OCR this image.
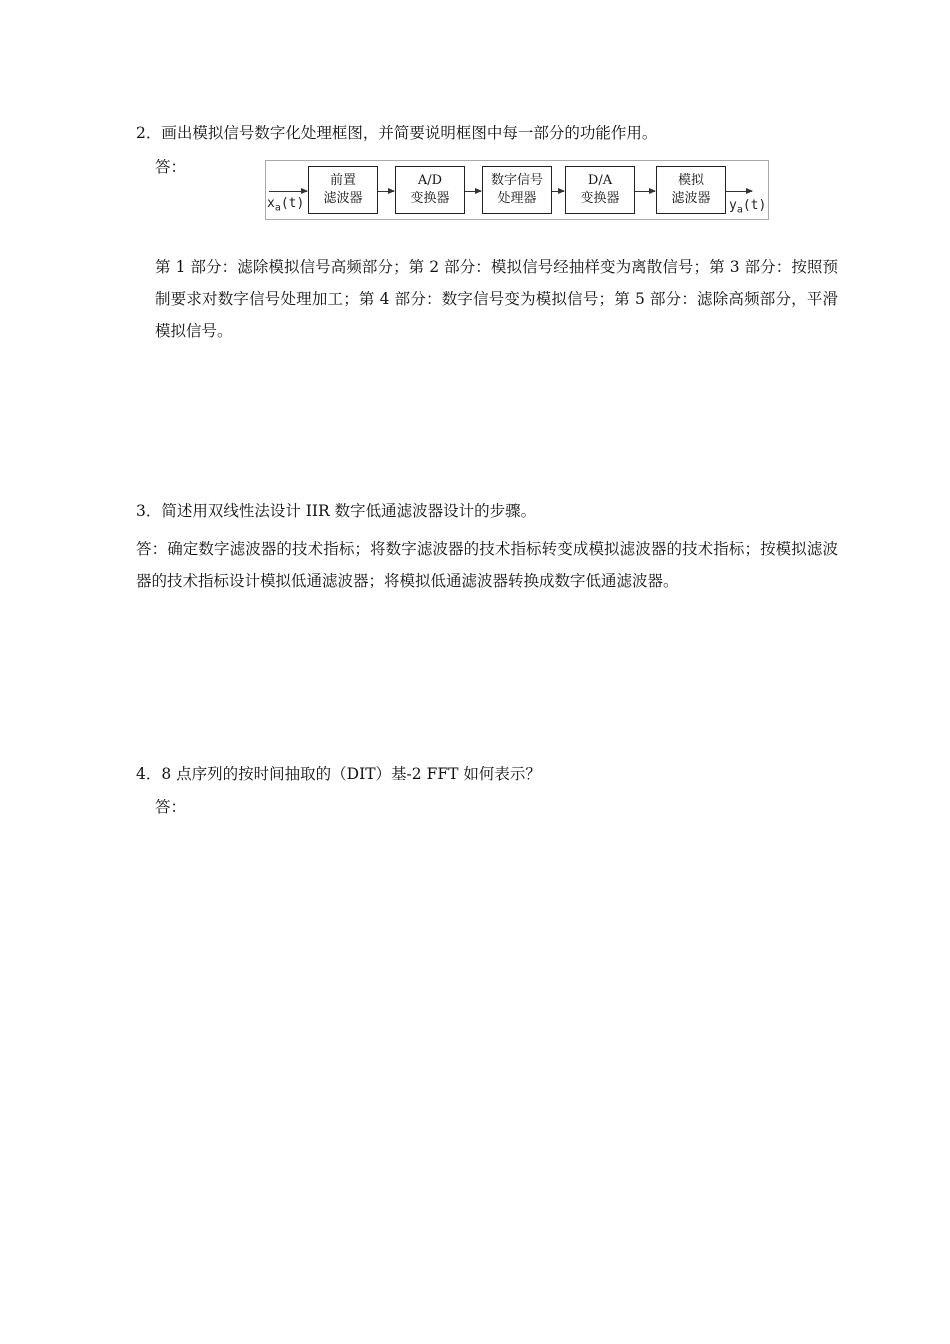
2．画出模拟信号数字化处理框图，并简要说明框图中每一部分的功能作用。
答：
$x_a(t)$
前置
滤波器
A/D
变换器
数字信号
处理器
D/A
变换器
模拟
滤波器 $y_a(t)$
第 1 部分：滤除模拟信号高频部分；第 2 部分：模拟信号经抽样变为离散信号；第 3 部分：按照预制要求对数字信号处理加工；第 4 部分：数字信号变为模拟信号；第 5 部分：滤除高频部分，平滑模拟信号。
3．简述用双线性法设计 IIR 数字低通滤波器设计的步骤。
答：确定数字滤波器的技术指标；将数字滤波器的技术指标转变成模拟滤波器的技术指标；按模拟滤波器的技术指标设计模拟低通滤波器；将模拟低通滤波器转换成数字低通滤波器。
4．8 点序列的按时间抽取的（DIT）基-2 FFT 如何表示？
答：
